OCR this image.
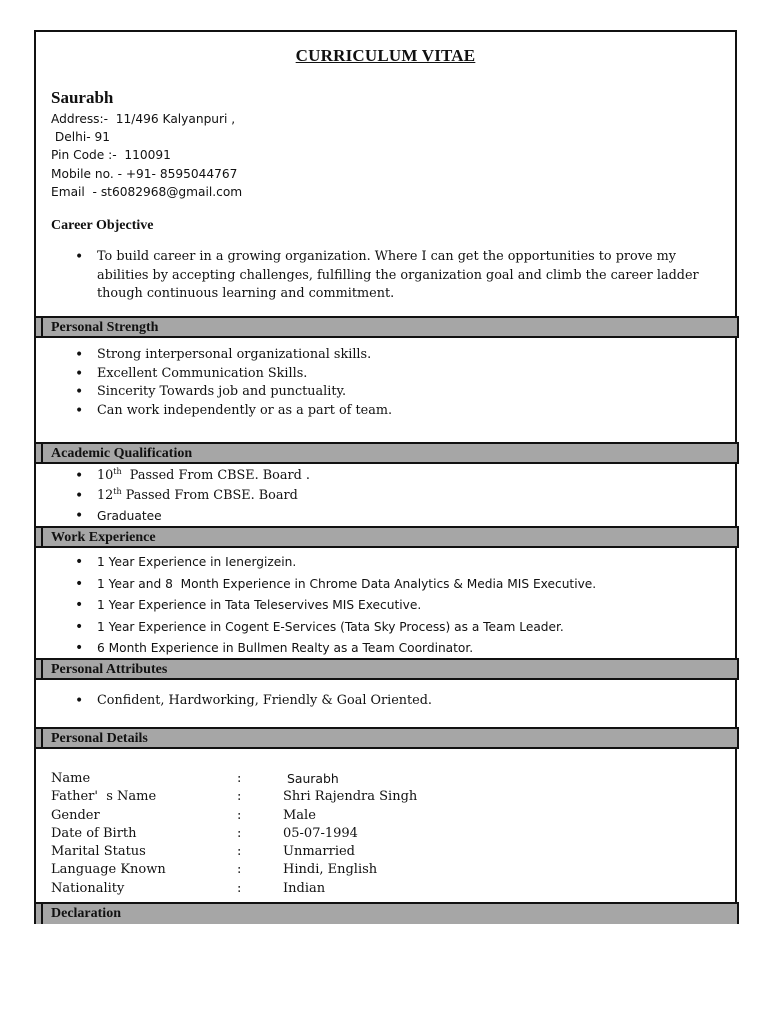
CURRICULUM VITAE
Saurabh
Address:-  11/496 Kalyanpuri ,
Delhi- 91
Pin Code :-  110091
Mobile no. - +91- 8595044767
Email  - st6082968@gmail.com
Career Objective
• To build career in a growing organization. Where I can get the opportunities to prove my abilities by accepting challenges, fulfilling the organization goal and climb the career ladder though continuous learning and commitment.
Personal Strength
• Strong interpersonal organizational skills.
• Excellent Communication Skills.
• Sincerity Towards job and punctuality.
• Can work independently or as a part of team.
Academic Qualification
• 10th  Passed From CBSE. Board .
• 12th Passed From CBSE. Board
• Graduatee
Work Experience
• 1 Year Experience in Ienergizein.
• 1 Year and 8  Month Experience in Chrome Data Analytics & Media MIS Executive.
• 1 Year Experience in Tata Teleservives MIS Executive.
• 1 Year Experience in Cogent E-Services (Tata Sky Process) as a Team Leader.
• 6 Month Experience in Bullmen Realty as a Team Coordinator.
Personal Attributes
• Confident, Hardworking, Friendly & Goal Oriented.
Personal Details
Name	:	Saurabh
Father'  s Name	:	Shri Rajendra Singh
Gender	:	Male
Date of Birth	:	05-07-1994
Marital Status	:	Unmarried
Language Known	:	Hindi, English
Nationality	:	Indian
Declaration
